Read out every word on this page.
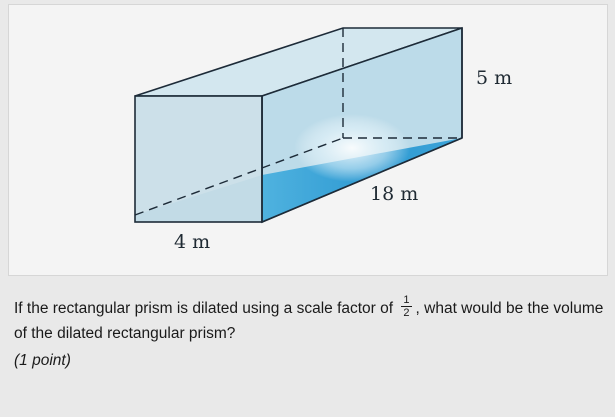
5 m
18 m
4 m
If the rectangular prism is dilated using a scale factor of $\frac{1}{2}$ , what would be the volume of the dilated rectangular prism?
(1 point)
